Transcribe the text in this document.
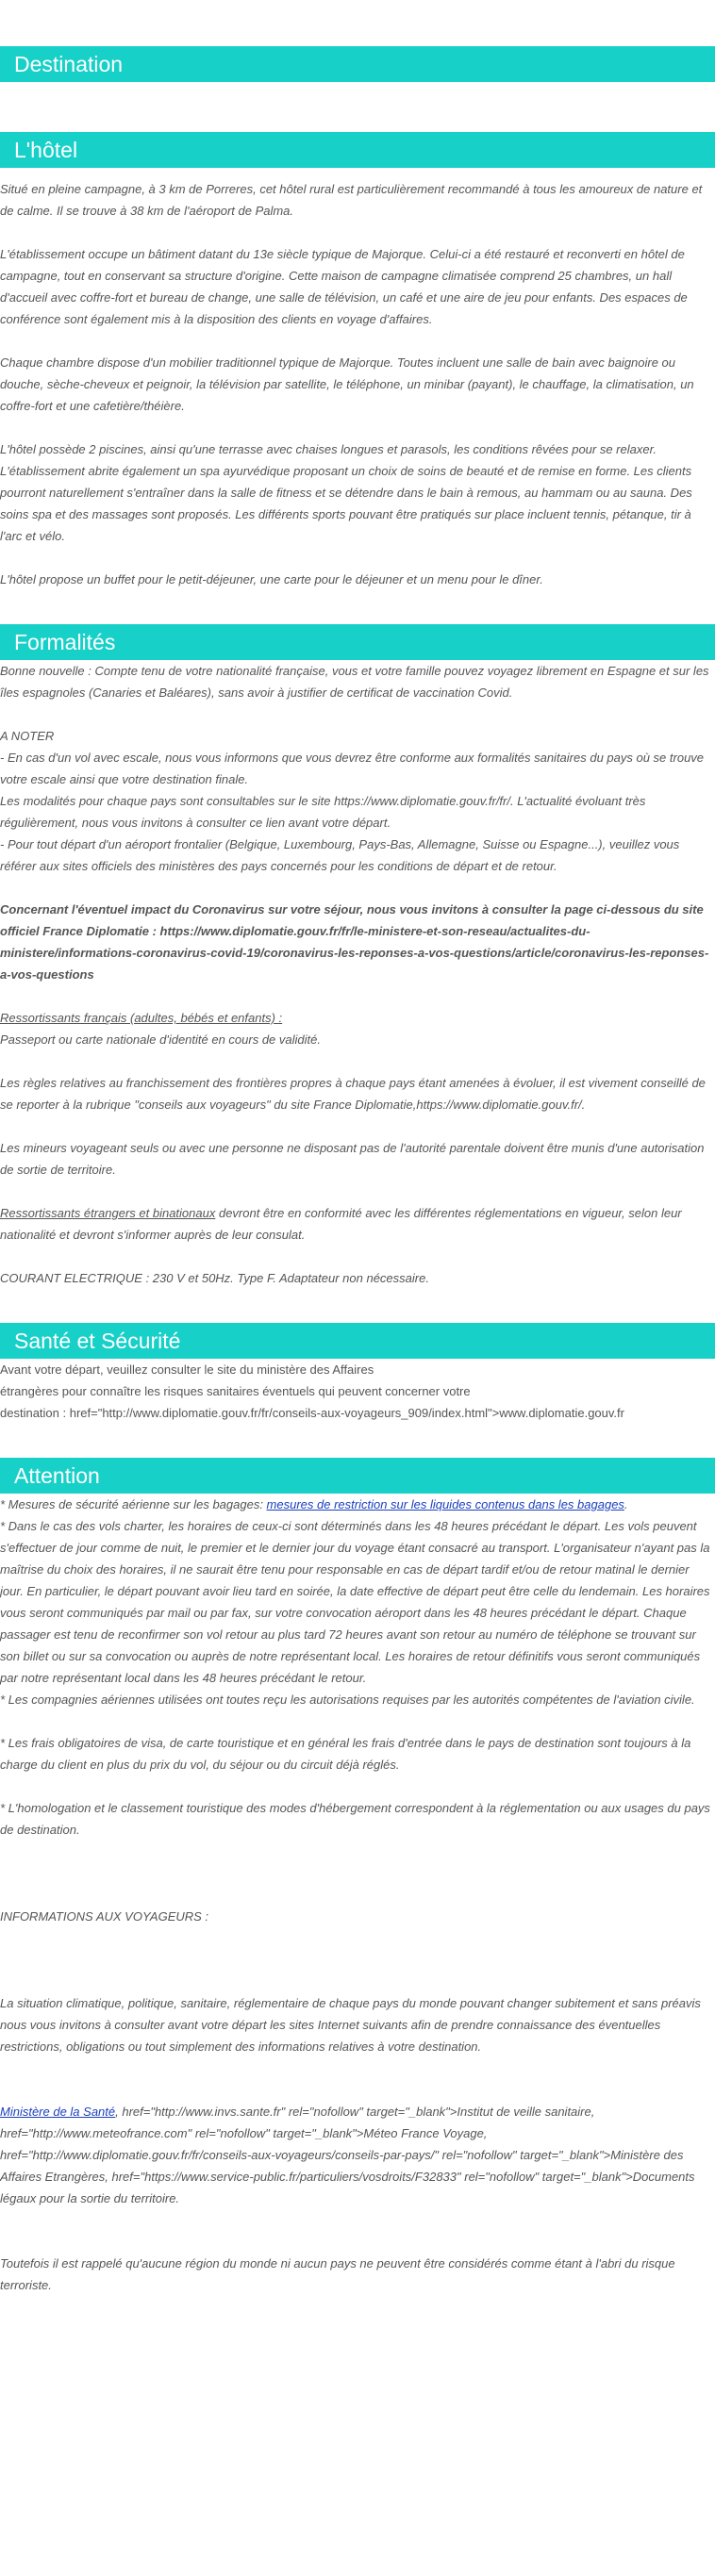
Destination
L'hôtel

Situé en pleine campagne, à 3 km de Porreres, cet hôtel rural est particulièrement recommandé à tous les amoureux de nature et de calme. Il se trouve à 38 km de l'aéroport de Palma.

L'établissement occupe un bâtiment datant du 13e siècle typique de Majorque. Celui-ci a été restauré et reconverti en hôtel de campagne, tout en conservant sa structure d'origine. Cette maison de campagne climatisée comprend 25 chambres, un hall d'accueil avec coffre-fort et bureau de change, une salle de télévision, un café et une aire de jeu pour enfants. Des espaces de conférence sont également mis à la disposition des clients en voyage d'affaires.

Chaque chambre dispose d'un mobilier traditionnel typique de Majorque. Toutes incluent une salle de bain avec baignoire ou douche, sèche-cheveux et peignoir, la télévision par satellite, le téléphone, un minibar (payant), le chauffage, la climatisation, un coffre-fort et une cafetière/théière.

L'hôtel possède 2 piscines, ainsi qu'une terrasse avec chaises longues et parasols, les conditions rêvées pour se relaxer. L'établissement abrite également un spa ayurvédique proposant un choix de soins de beauté et de remise en forme. Les clients pourront naturellement s'entraîner dans la salle de fitness et se détendre dans le bain à remous, au hammam ou au sauna. Des soins spa et des massages sont proposés. Les différents sports pouvant être pratiqués sur place incluent tennis, pétanque, tir à l'arc et vélo.

L'hôtel propose un buffet pour le petit-déjeuner, une carte pour le déjeuner et un menu pour le dîner.

Formalités

Bonne nouvelle : Compte tenu de votre nationalité française, vous et votre famille pouvez voyagez librement en Espagne et sur les îles espagnoles (Canaries et Baléares), sans avoir à justifier de certificat de vaccination Covid.

A NOTER
- En cas d'un vol avec escale, nous vous informons que vous devrez être conforme aux formalités sanitaires du pays où se trouve votre escale ainsi que votre destination finale.
Les modalités pour chaque pays sont consultables sur le site https://www.diplomatie.gouv.fr/fr/. L'actualité évoluant très régulièrement, nous vous invitons à consulter ce lien avant votre départ.
- Pour tout départ d'un aéroport frontalier (Belgique, Luxembourg, Pays-Bas, Allemagne, Suisse ou Espagne...), veuillez vous référer aux sites officiels des ministères des pays concernés pour les conditions de départ et de retour.

Concernant l'éventuel impact du Coronavirus sur votre séjour, nous vous invitons à consulter la page ci-dessous du site officiel France Diplomatie : https://www.diplomatie.gouv.fr/fr/le-ministere-et-son-reseau/actualites-du-ministere/informations-coronavirus-covid-19/coronavirus-les-reponses-a-vos-questions/article/coronavirus-les-reponses-a-vos-questions

Ressortissants français (adultes, bébés et enfants) :
Passeport ou carte nationale d'identité en cours de validité.

Les règles relatives au franchissement des frontières propres à chaque pays étant amenées à évoluer, il est vivement conseillé de se reporter à la rubrique "conseils aux voyageurs" du site France Diplomatie,https://www.diplomatie.gouv.fr/.

Les mineurs voyageant seuls ou avec une personne ne disposant pas de l'autorité parentale doivent être munis d'une autorisation de sortie de territoire.

Ressortissants étrangers et binationaux devront être en conformité avec les différentes réglementations en vigueur, selon leur nationalité et devront s'informer auprès de leur consulat.

COURANT ELECTRIQUE : 230 V et 50Hz. Type F. Adaptateur non nécessaire.

Santé et Sécurité

Avant votre départ, veuillez consulter le site du ministère des Affaires
étrangères pour connaître les risques sanitaires éventuels qui peuvent concerner votre
destination : href="http://www.diplomatie.gouv.fr/fr/conseils-aux-voyageurs_909/index.html">www.diplomatie.gouv.fr

Attention

* Mesures de sécurité aérienne sur les bagages: mesures de restriction sur les liquides contenus dans les bagages.

* Dans le cas des vols charter, les horaires de ceux-ci sont déterminés dans les 48 heures précédant le départ. Les vols peuvent s'effectuer de jour comme de nuit, le premier et le dernier jour du voyage étant consacré au transport. L'organisateur n'ayant pas la maîtrise du choix des horaires, il ne saurait être tenu pour responsable en cas de départ tardif et/ou de retour matinal le dernier jour. En particulier, le départ pouvant avoir lieu tard en soirée, la date effective de départ peut être celle du lendemain. Les horaires vous seront communiqués par mail ou par fax, sur votre convocation aéroport dans les 48 heures précédant le départ. Chaque passager est tenu de reconfirmer son vol retour au plus tard 72 heures avant son retour au numéro de téléphone se trouvant sur son billet ou sur sa convocation ou auprès de notre représentant local. Les horaires de retour définitifs vous seront communiqués par notre représentant local dans les 48 heures précédant le retour.
* Les compagnies aériennes utilisées ont toutes reçu les autorisations requises par les autorités compétentes de l'aviation civile.

* Les frais obligatoires de visa, de carte touristique et en général les frais d'entrée dans le pays de destination sont toujours à la charge du client en plus du prix du vol, du séjour ou du circuit déjà réglés.

* L'homologation et le classement touristique des modes d'hébergement correspondent à la réglementation ou aux usages du pays de destination.

INFORMATIONS AUX VOYAGEURS :

La situation climatique, politique, sanitaire, réglementaire de chaque pays du monde pouvant changer subitement et sans préavis
nous vous invitons à consulter avant votre départ les sites Internet suivants afin de prendre connaissance des éventuelles restrictions, obligations ou tout simplement des informations relatives à votre destination.

Ministère de la Santé, href="http://www.invs.sante.fr" rel="nofollow" target="_blank">Institut de veille sanitaire, href="http://www.meteofrance.com" rel="nofollow" target="_blank">Méteo France Voyage, href="http://www.diplomatie.gouv.fr/fr/conseils-aux-voyageurs/conseils-par-pays/" rel="nofollow" target="_blank">Ministère des Affaires Etrangères, href="https://www.service-public.fr/particuliers/vosdroits/F32833" rel="nofollow" target="_blank">Documents légaux pour la sortie du territoire.

Toutefois il est rappelé qu'aucune région du monde ni aucun pays ne peuvent être considérés comme étant à l'abri du risque terroriste.
